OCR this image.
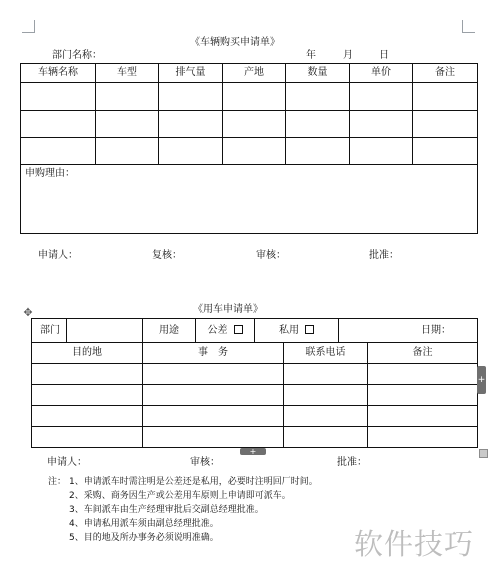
《车辆购买申请单》
部门名称：	年	月	日
车辆名称	车型	排气量	产地	数量	单价	备注

申购理由：						
申请人：	复核：	审核：	批准：
✥	《用车申请单》
部门		用途	公差	私用	日期：
目的地	事　务	联系电话	备注

+
+
申请人：	审核：	批准：
注： 1、申请派车时需注明是公差还是私用，必要时注明回厂时间。
2、采购、商务因生产或公差用车原则上申请即可派车。
3、车间派车由生产经理审批后交副总经理批准。
4、申请私用派车须由副总经理批准。
5、目的地及所办事务必须说明准确。	软件技巧
